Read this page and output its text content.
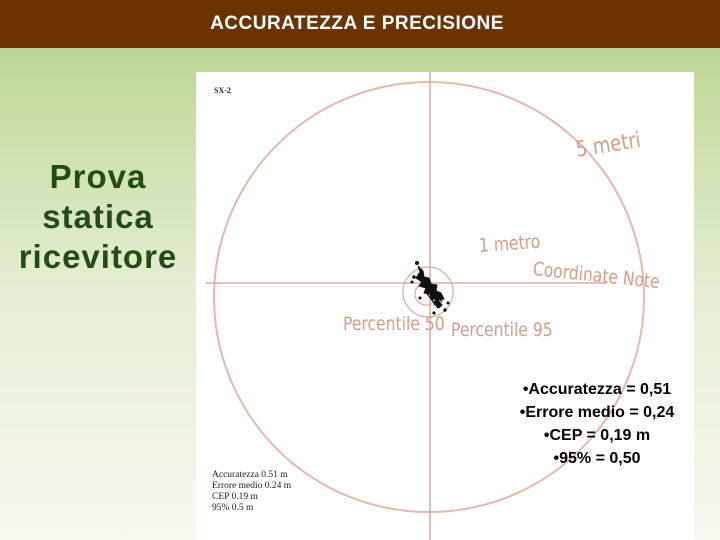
ACCURATEZZA E PRECISIONE
Prova
statica
ricevitore
SX-2
5 metri
1 metro
Coordinate Note
Percentile 50 Percentile 95
Accuratezza 0.51 m
Errore medio 0.24 m
CEP 0.19 m
95% 0.5 m
•Accuratezza = 0,51
•Errore medio = 0,24
•CEP = 0,19 m
•95% = 0,50
